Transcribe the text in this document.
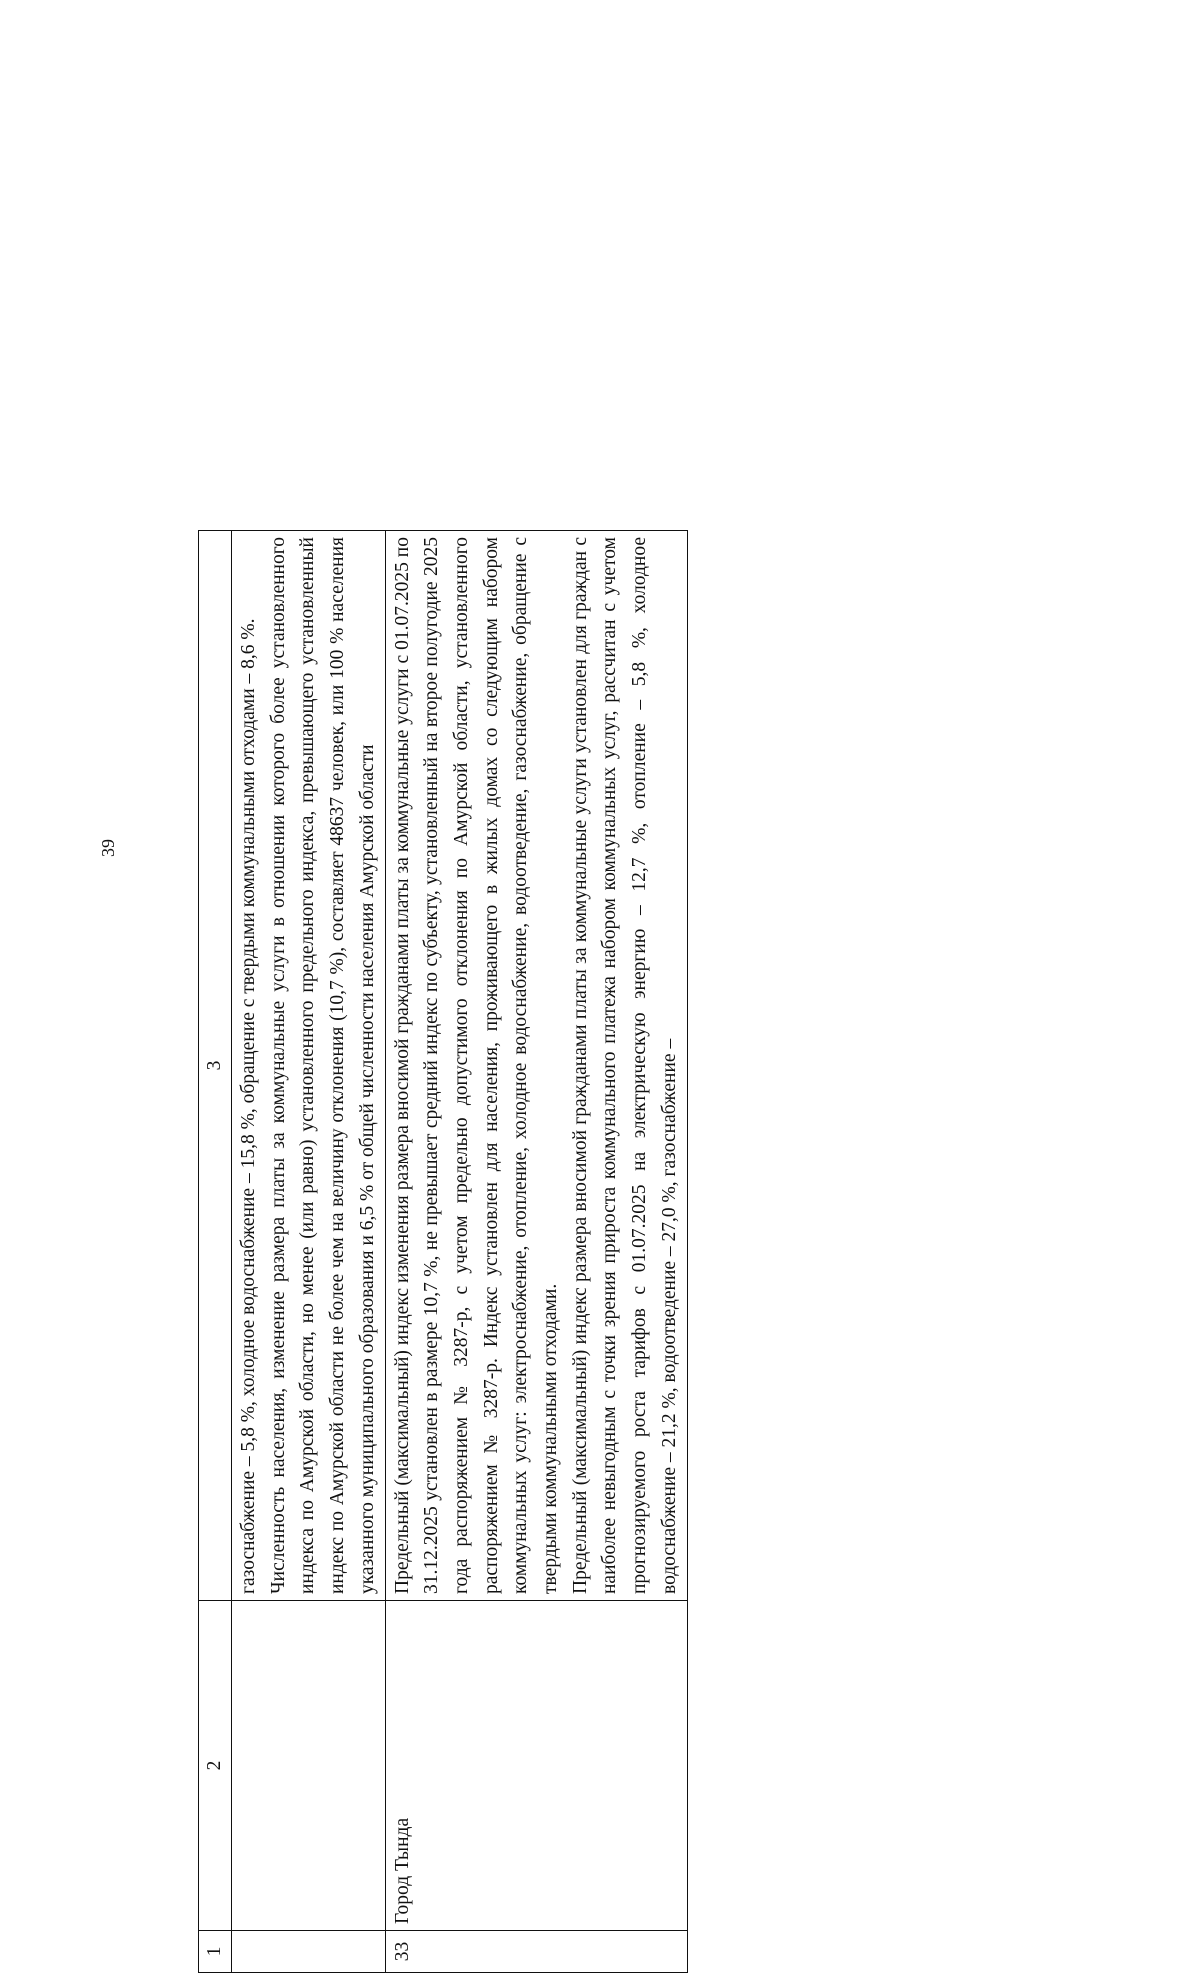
39
1	2	3

		газоснабжение – 5,8 %, холодное водоснабжение – 15,8 %, обращение с твердыми коммунальными отходами – 8,6 %. Численность населения, изменение размера платы за коммунальные услуги в отношении которого более установленного индекса по Амурской области, но менее (или равно) установленного предельного индекса, превышающего установленный индекс по Амурской области не более чем на величину отклонения (10,7 %), составляет 48637 человек, или 100 % населения указанного муниципального образования и 6,5 % от общей численности населения Амурской области

33	Город Тында	Предельный (максимальный) индекс изменения размера вносимой гражданами платы за коммунальные услуги с 01.07.2025 по 31.12.2025 установлен в размере 10,7 %, не превышает средний индекс по субъекту, установленный на второе полугодие 2025 года распоряжением № 3287-р, с учетом предельно допустимого отклонения по Амурской области, установленного распоряжением № 3287-р. Индекс установлен для населения, проживающего в жилых домах со следующим набором коммунальных услуг: электроснабжение, отопление, холодное водоснабжение, водоотведение, газоснабжение, обращение с твердыми коммунальными отходами. Предельный (максимальный) индекс размера вносимой гражданами платы за коммунальные услуги установлен для граждан с наиболее невыгодным с точки зрения прироста коммунального платежа набором коммунальных услуг, рассчитан с учетом прогнозируемого роста тарифов с 01.07.2025 на электрическую энергию – 12,7 %, отопление – 5,8 %, холодное водоснабжение – 21,2 %, водоотведение – 27,0 %, газоснабжение –
